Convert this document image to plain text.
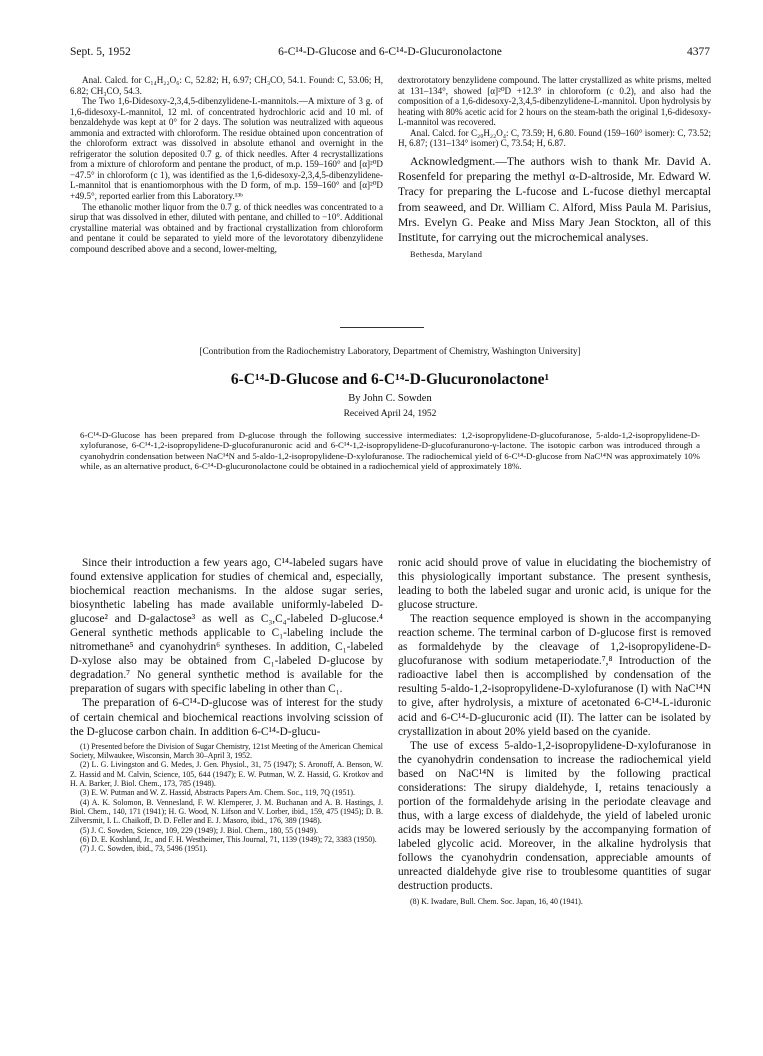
Sept. 5, 1952	6-C¹⁴-D-Glucose and 6-C¹⁴-D-Glucuronolactone	4377

Anal. Calcd. for C₁₄H₂₂O₆: C, 52.82; H, 6.97; CH₃CO, 54.1. Found: C, 53.06; H, 6.82; CH₃CO, 54.3.

The Two 1,6-Didesoxy-2,3,4,5-dibenzylidene-L-mannitols.—A mixture of 3 g. of 1,6-didesoxy-L-mannitol, 12 ml. of concentrated hydrochloric acid and 10 ml. of benzaldehyde was kept at 0° for 2 days. The solution was neutralized with aqueous ammonia and extracted with chloroform. The residue obtained upon concentration of the chloroform extract was dissolved in absolute ethanol and overnight in the refrigerator the solution deposited 0.7 g. of thick needles. After 4 recrystallizations from a mixture of chloroform and pentane the product, of m.p. 159–160° and [α]²⁰D −47.5° in chloroform (c 1), was identified as the 1,6-didesoxy-2,3,4,5-dibenzylidene-L-mannitol that is enantiomorphous with the D form, of m.p. 159–160° and [α]²⁰D +49.5°, reported earlier from this Laboratory.¹³ᵇ

The ethanolic mother liquor from the 0.7 g. of thick needles was concentrated to a sirup that was dissolved in ether, diluted with pentane, and chilled to −10°. Additional crystalline material was obtained and by fractional crystallization from chloroform and pentane it could be separated to yield more of the levorotatory dibenzylidene compound described above and a second, lower-melting,

dextrorotatory benzylidene compound. The latter crystallized as white prisms, melted at 131–134°, showed [α]²⁰D +12.3° in chloroform (c 0.2), and also had the composition of a 1,6-didesoxy-2,3,4,5-dibenzylidene-L-mannitol. Upon hydrolysis by heating with 80% acetic acid for 2 hours on the steam-bath the original 1,6-didesoxy-L-mannitol was recovered.

Anal. Calcd. for C₂₀H₂₂O₄: C, 73.59; H, 6.80. Found (159–160° isomer): C, 73.52; H, 6.87; (131–134° isomer) C, 73.54; H, 6.87.

Acknowledgment.—The authors wish to thank Mr. David A. Rosenfeld for preparing the methyl α-D-altroside, Mr. Edward W. Tracy for preparing the L-fucose and L-fucose diethyl mercaptal from seaweed, and Dr. William C. Alford, Miss Paula M. Parisius, Mrs. Evelyn G. Peake and Miss Mary Jean Stockton, all of this Institute, for carrying out the microchemical analyses.

Bethesda, Maryland

[Contribution from the Radiochemistry Laboratory, Department of Chemistry, Washington University]
6-C¹⁴-D-Glucose and 6-C¹⁴-D-Glucuronolactone¹
By John C. Sowden
Received April 24, 1952
6-C¹⁴-D-Glucose has been prepared from D-glucose through the following successive intermediates: 1,2-isopropylidene-D-glucofuranose, 5-aldo-1,2-isopropylidene-D-xylofuranose, 6-C¹⁴-1,2-isopropylidene-D-glucofuranuronic acid and 6-C¹⁴-1,2-isopropylidene-D-glucofuranurono-γ-lactone. The isotopic carbon was introduced through a cyanohydrin condensation between NaC¹⁴N and 5-aldo-1,2-isopropylidene-D-xylofuranose. The radiochemical yield of 6-C¹⁴-D-glucose from NaC¹⁴N was approximately 10% while, as an alternative product, 6-C¹⁴-D-glucuronolactone could be obtained in a radiochemical yield of approximately 18%.

Since their introduction a few years ago, C¹⁴-labeled sugars have found extensive application for studies of chemical and, especially, biochemical reaction mechanisms. In the aldose sugar series, biosynthetic labeling has made available uniformly-labeled D-glucose² and D-galactose³ as well as C₃,C₄-labeled D-glucose.⁴ General synthetic methods applicable to C₁-labeling include the nitromethane⁵ and cyanohydrin⁶ syntheses. In addition, C₁-labeled D-xylose also may be obtained from C₁-labeled D-glucose by degradation.⁷ No general synthetic method is available for the preparation of sugars with specific labeling in other than C₁.

The preparation of 6-C¹⁴-D-glucose was of interest for the study of certain chemical and biochemical reactions involving scission of the D-glucose carbon chain. In addition 6-C¹⁴-D-glucu-

(1) Presented before the Division of Sugar Chemistry, 121st Meeting of the American Chemical Society, Milwaukee, Wisconsin, March 30–April 3, 1952.

(2) L. G. Livingston and G. Medes, J. Gen. Physiol., 31, 75 (1947); S. Aronoff, A. Benson, W. Z. Hassid and M. Calvin, Science, 105, 644 (1947); E. W. Putman, W. Z. Hassid, G. Krotkov and H. A. Barker, J. Biol. Chem., 173, 785 (1948).

(3) E. W. Putman and W. Z. Hassid, Abstracts Papers Am. Chem. Soc., 119, 7Q (1951).

(4) A. K. Solomon, B. Vennesland, F. W. Klemperer, J. M. Buchanan and A. B. Hastings, J. Biol. Chem., 140, 171 (1941); H. G. Wood, N. Lifson and V. Lorber, ibid., 159, 475 (1945); D. B. Zilversmit, I. L. Chaikoff, D. D. Feller and E. J. Masoro, ibid., 176, 389 (1948).

(5) J. C. Sowden, Science, 109, 229 (1949); J. Biol. Chem., 180, 55 (1949).

(6) D. E. Koshland, Jr., and F. H. Westheimer, This Journal, 71, 1139 (1949); 72, 3383 (1950).

(7) J. C. Sowden, ibid., 73, 5496 (1951).

ronic acid should prove of value in elucidating the biochemistry of this physiologically important substance. The present synthesis, leading to both the labeled sugar and uronic acid, is unique for the glucose structure.

The reaction sequence employed is shown in the accompanying reaction scheme. The terminal carbon of D-glucose first is removed as formaldehyde by the cleavage of 1,2-isopropylidene-D-glucofuranose with sodium metaperiodate.⁷,⁸ Introduction of the radioactive label then is accomplished by condensation of the resulting 5-aldo-1,2-isopropylidene-D-xylofuranose (I) with NaC¹⁴N to give, after hydrolysis, a mixture of acetonated 6-C¹⁴-L-iduronic acid and 6-C¹⁴-D-glucuronic acid (II). The latter can be isolated by crystallization in about 20% yield based on the cyanide.

The use of excess 5-aldo-1,2-isopropylidene-D-xylofuranose in the cyanohydrin condensation to increase the radiochemical yield based on NaC¹⁴N is limited by the following practical considerations: The sirupy dialdehyde, I, retains tenaciously a portion of the formaldehyde arising in the periodate cleavage and thus, with a large excess of dialdehyde, the yield of labeled uronic acids may be lowered seriously by the accompanying formation of labeled glycolic acid. Moreover, in the alkaline hydrolysis that follows the cyanohydrin condensation, appreciable amounts of unreacted dialdehyde give rise to troublesome quantities of sugar destruction products.

(8) K. Iwadare, Bull. Chem. Soc. Japan, 16, 40 (1941).
